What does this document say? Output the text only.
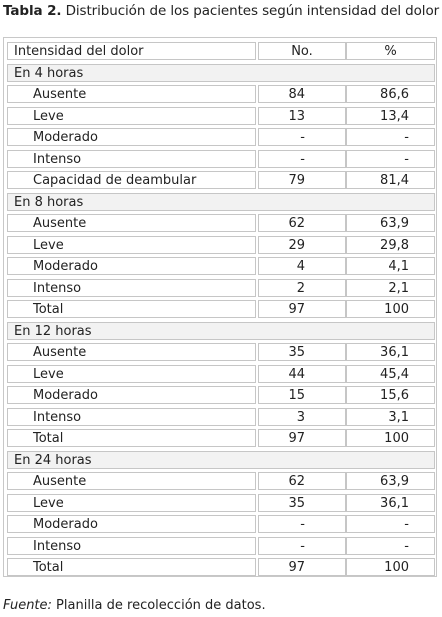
Tabla 2. Distribución de los pacientes según intensidad del dolor
Intensidad del dolor	No.	%
En 4 horas
Ausente	84	86,6
Leve	13	13,4
Moderado	-	-
Intenso	-	-
Capacidad de deambular	79	81,4
En 8 horas
Ausente	62	63,9
Leve	29	29,8
Moderado	4	4,1
Intenso	2	2,1
Total	97	100
En 12 horas
Ausente	35	36,1
Leve	44	45,4
Moderado	15	15,6
Intenso	3	3,1
Total	97	100
En 24 horas
Ausente	62	63,9
Leve	35	36,1
Moderado	-	-
Intenso	-	-
Total	97	100
Fuente: Planilla de recolección de datos.
